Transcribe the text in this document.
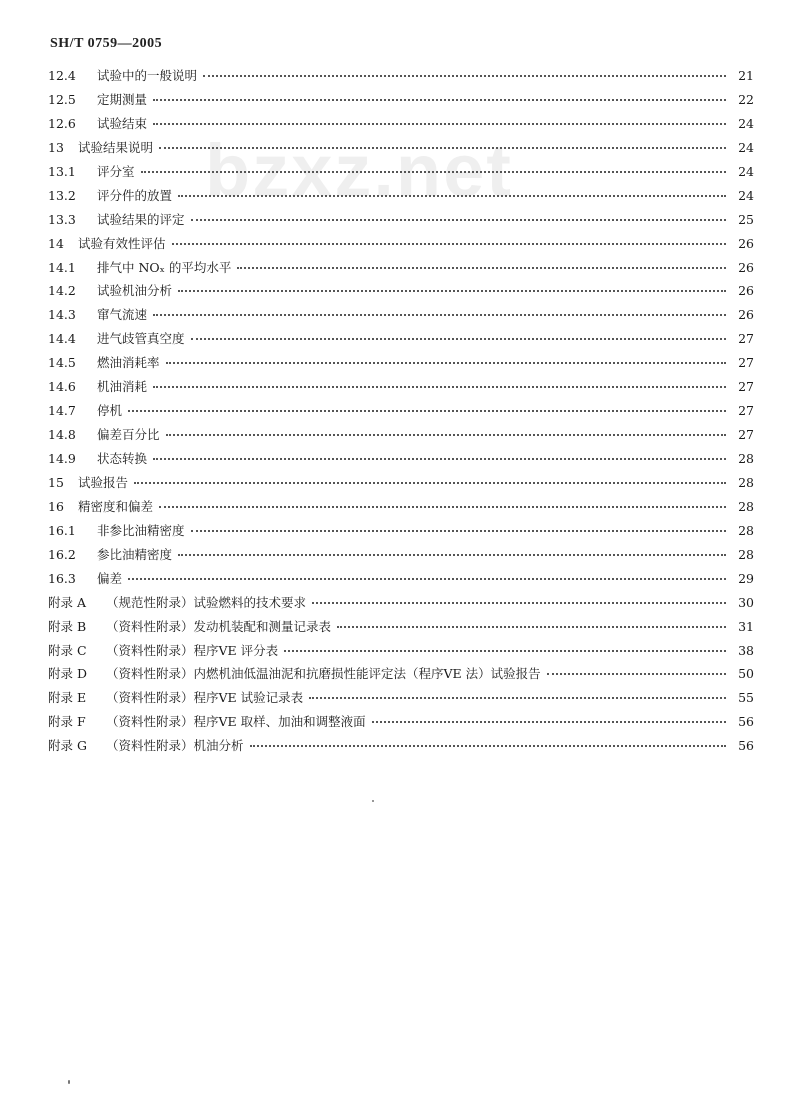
SH/T 0759—2005
bzxz.net
12.4	试验中的一般说明	21
12.5	定期测量	22
12.6	试验结束	24
13	试验结果说明	24
13.1	评分室	24
13.2	评分件的放置	24
13.3	试验结果的评定	25
14	试验有效性评估	26
14.1	排气中 NOₓ 的平均水平	26
14.2	试验机油分析	26
14.3	窜气流速	26
14.4	进气歧管真空度	27
14.5	燃油消耗率	27
14.6	机油消耗	27
14.7	停机	27
14.8	偏差百分比	27
14.9	状态转换	28
15	试验报告	28
16	精密度和偏差	28
16.1	非参比油精密度	28
16.2	参比油精密度	28
16.3	偏差	29
附录 A	（规范性附录）试验燃料的技术要求	30
附录 B	（资料性附录）发动机装配和测量记录表	31
附录 C	（资料性附录）程序ⅤE 评分表	38
附录 D	（资料性附录）内燃机油低温油泥和抗磨损性能评定法（程序ⅤE 法）试验报告	50
附录 E	（资料性附录）程序ⅤE 试验记录表	55
附录 F	（资料性附录）程序ⅤE 取样、加油和调整液面	56
附录 G	（资料性附录）机油分析	56
